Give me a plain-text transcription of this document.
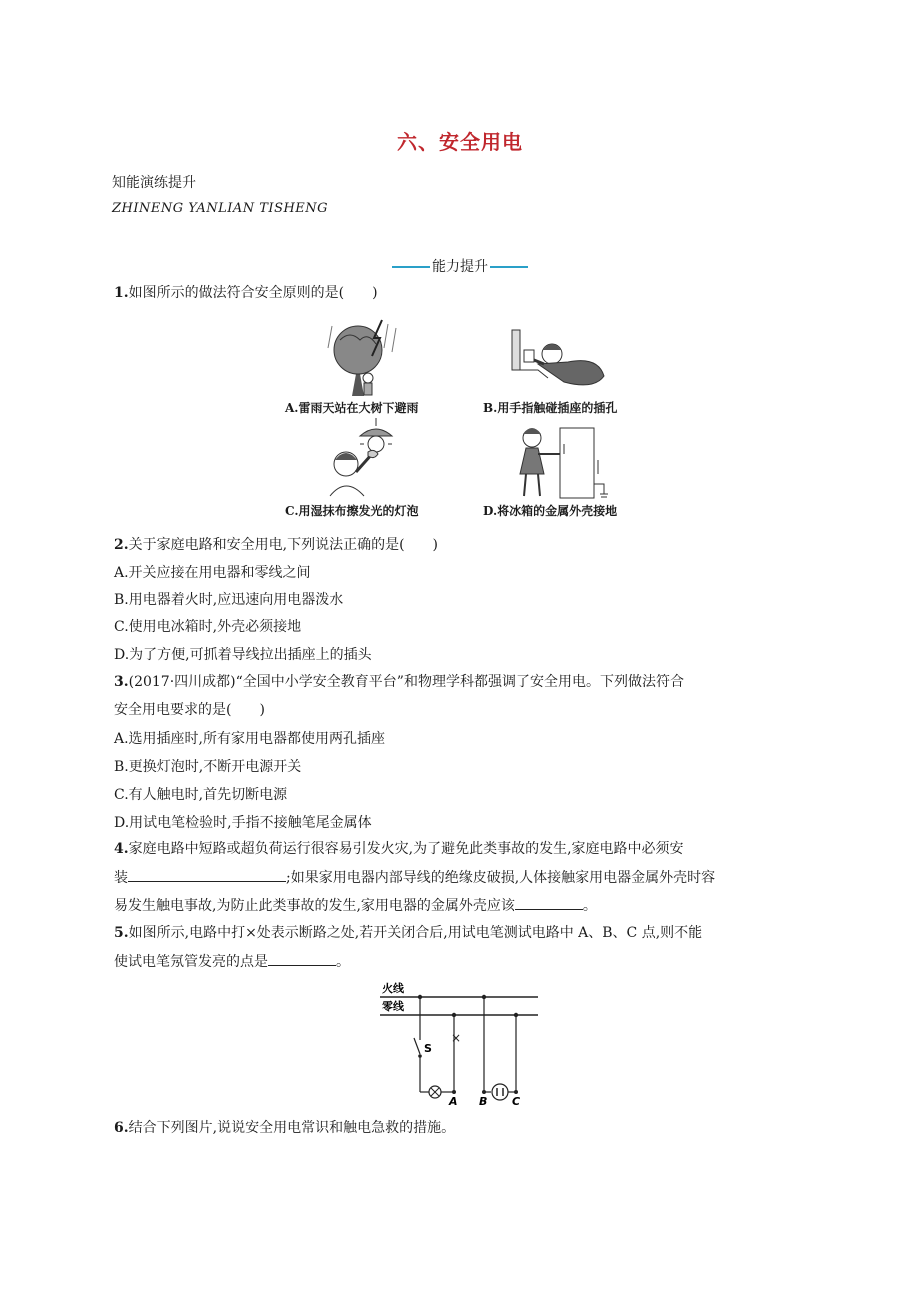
六、安全用电
知能演练提升
ZHINENG YANLIAN TISHENG
能力提升
1.如图所示的做法符合安全原则的是(　　)
A.雷雨天站在大树下避雨	B.用手指触碰插座的插孔
C.用湿抹布擦发光的灯泡	D.将冰箱的金属外壳接地
2.关于家庭电路和安全用电,下列说法正确的是(　　)
A.开关应接在用电器和零线之间
B.用电器着火时,应迅速向用电器泼水
C.使用电冰箱时,外壳必须接地
D.为了方便,可抓着导线拉出插座上的插头
3.(2017·四川成都)“全国中小学安全教育平台”和物理学科都强调了安全用电。下列做法符合
安全用电要求的是(　　)
A.选用插座时,所有家用电器都使用两孔插座
B.更换灯泡时,不断开电源开关
C.有人触电时,首先切断电源
D.用试电笔检验时,手指不接触笔尾金属体
4.家庭电路中短路或超负荷运行很容易引发火灾,为了避免此类事故的发生,家庭电路中必须安
装	;如果家用电器内部导线的绝缘皮破损,人体接触家用电器金属外壳时容
易发生触电事故,为防止此类事故的发生,家用电器的金属外壳应该	。
5.如图所示,电路中打×处表示断路之处,若开关闭合后,用试电笔测试电路中 A、B、C 点,则不能
使试电笔氖管发亮的点是	。
火线
零线
S
×
A B C
6.结合下列图片,说说安全用电常识和触电急救的措施。
